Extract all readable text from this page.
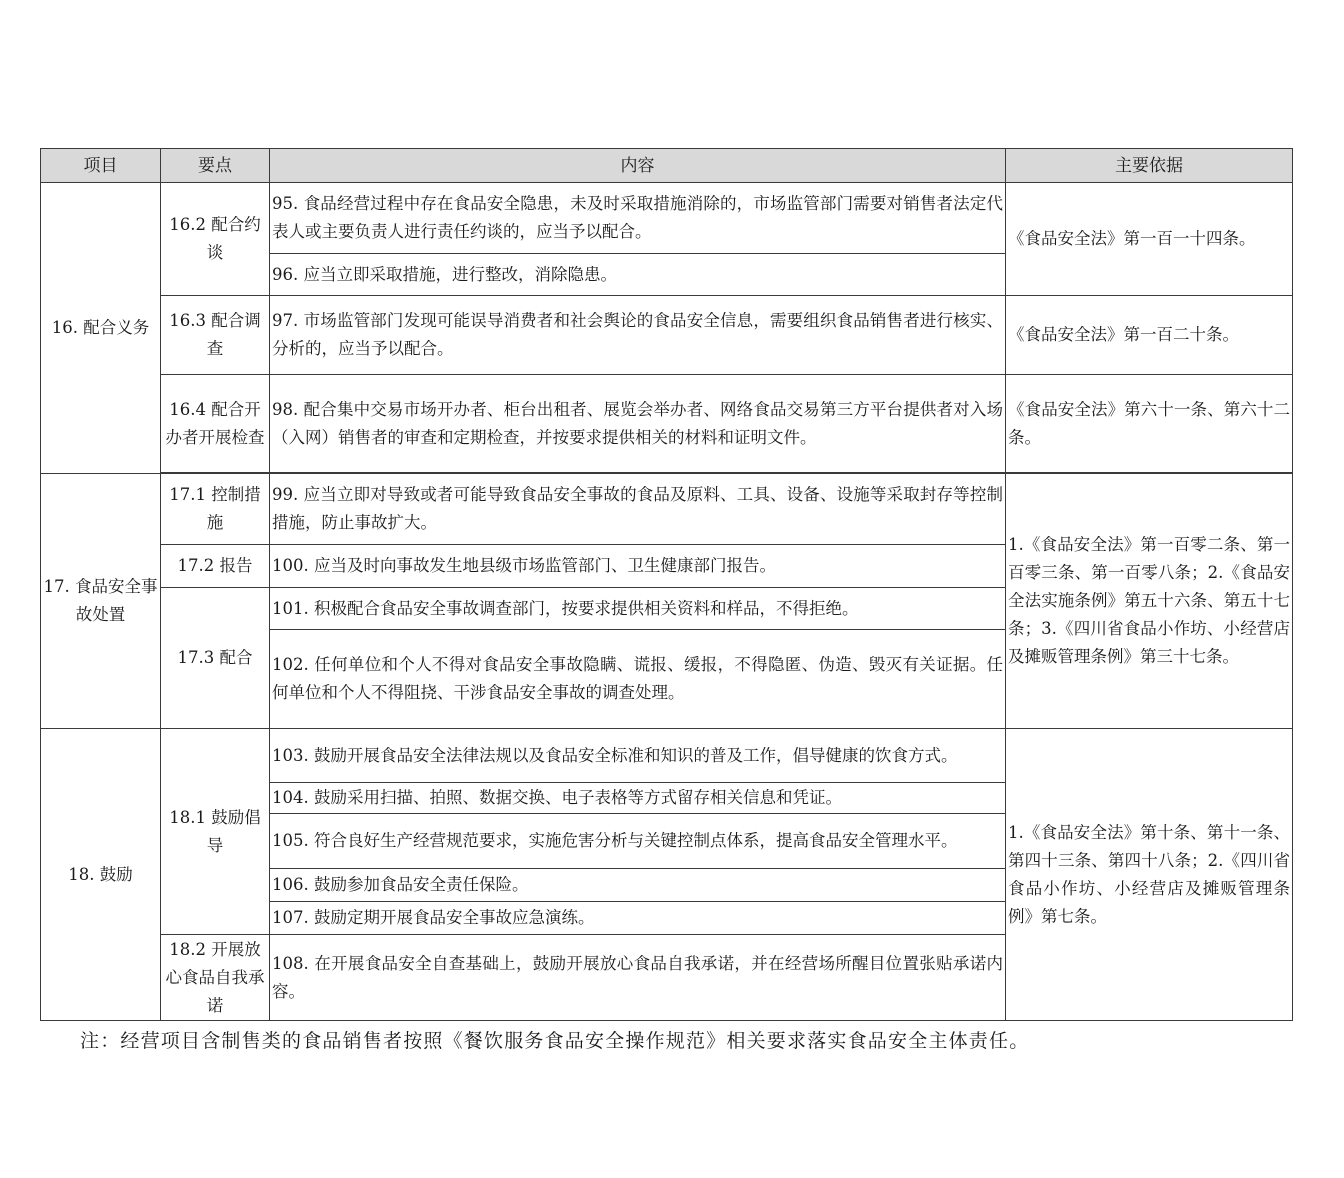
项目	要点	内容	主要依据
16. 配合义务	16.2 配合约谈	95. 食品经营过程中存在食品安全隐患，未及时采取措施消除的，市场监管部门需要对销售者法定代表人或主要负责人进行责任约谈的，应当予以配合。	《食品安全法》第一百一十四条。
		96. 应当立即采取措施，进行整改，消除隐患。	
	16.3 配合调查	97. 市场监管部门发现可能误导消费者和社会舆论的食品安全信息，需要组织食品销售者进行核实、分析的，应当予以配合。	《食品安全法》第一百二十条。
	16.4 配合开办者开展检查	98. 配合集中交易市场开办者、柜台出租者、展览会举办者、网络食品交易第三方平台提供者对入场（入网）销售者的审查和定期检查，并按要求提供相关的材料和证明文件。	《食品安全法》第六十一条、第六十二条。

17. 食品安全事故处置	17.1 控制措施	99. 应当立即对导致或者可能导致食品安全事故的食品及原料、工具、设备、设施等采取封存等控制措施，防止事故扩大。	1.《食品安全法》第一百零二条、第一百零三条、第一百零八条；2.《食品安全法实施条例》第五十六条、第五十七条；3.《四川省食品小作坊、小经营店及摊贩管理条例》第三十七条。
	17.2 报告	100. 应当及时向事故发生地县级市场监管部门、卫生健康部门报告。	
	17.3 配合	101. 积极配合食品安全事故调查部门，按要求提供相关资料和样品，不得拒绝。	
		102. 任何单位和个人不得对食品安全事故隐瞒、谎报、缓报，不得隐匿、伪造、毁灭有关证据。任何单位和个人不得阻挠、干涉食品安全事故的调查处理。	
18. 鼓励	18.1 鼓励倡导	103. 鼓励开展食品安全法律法规以及食品安全标准和知识的普及工作，倡导健康的饮食方式。	1.《食品安全法》第十条、第十一条、第四十三条、第四十八条；2.《四川省食品小作坊、小经营店及摊贩管理条例》第七条。
		104. 鼓励采用扫描、拍照、数据交换、电子表格等方式留存相关信息和凭证。	
		105. 符合良好生产经营规范要求，实施危害分析与关键控制点体系，提高食品安全管理水平。	
		106. 鼓励参加食品安全责任保险。	
		107. 鼓励定期开展食品安全事故应急演练。	
	18.2 开展放心食品自我承诺	108. 在开展食品安全自查基础上，鼓励开展放心食品自我承诺，并在经营场所醒目位置张贴承诺内容。	
注：经营项目含制售类的食品销售者按照《餐饮服务食品安全操作规范》相关要求落实食品安全主体责任。
